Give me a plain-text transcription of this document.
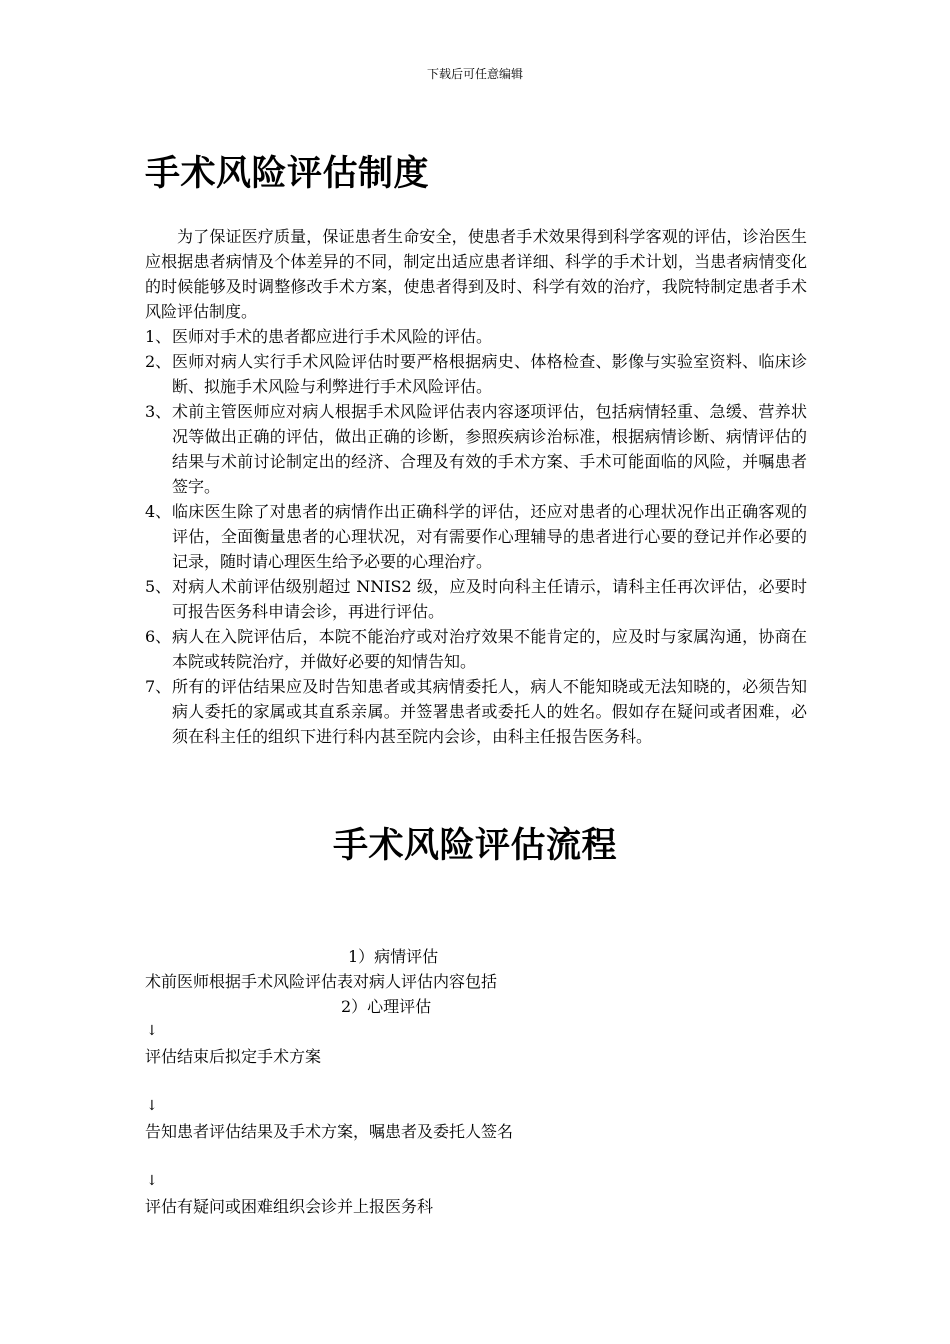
下载后可任意编辑
手术风险评估制度

为了保证医疗质量，保证患者生命安全，使患者手术效果得到科学客观的评估，诊治医生应根据患者病情及个体差异的不同，制定出适应患者详细、科学的手术计划，当患者病情变化的时候能够及时调整修改手术方案，使患者得到及时、科学有效的治疗，我院特制定患者手术风险评估制度。

1、 医师对手术的患者都应进行手术风险的评估。
2、 医师对病人实行手术风险评估时要严格根据病史、体格检查、影像与实验室资料、临床诊断、拟施手术风险与利弊进行手术风险评估。
3、 术前主管医师应对病人根据手术风险评估表内容逐项评估，包括病情轻重、急缓、营养状况等做出正确的评估，做出正确的诊断，参照疾病诊治标准，根据病情诊断、病情评估的结果与术前讨论制定出的经济、合理及有效的手术方案、手术可能面临的风险，并嘱患者签字。
4、 临床医生除了对患者的病情作出正确科学的评估，还应对患者的心理状况作出正确客观的评估，全面衡量患者的心理状况，对有需要作心理辅导的患者进行心要的登记并作必要的记录，随时请心理医生给予必要的心理治疗。
5、 对病人术前评估级别超过 NNIS2 级，应及时向科主任请示，请科主任再次评估，必要时可报告医务科申请会诊，再进行评估。
6、 病人在入院评估后，本院不能治疗或对治疗效果不能肯定的，应及时与家属沟通，协商在本院或转院治疗，并做好必要的知情告知。
7、 所有的评估结果应及时告知患者或其病情委托人，病人不能知晓或无法知晓的，必须告知病人委托的家属或其直系亲属。并签署患者或委托人的姓名。假如存在疑问或者困难，必须在科主任的组织下进行科内甚至院内会诊，由科主任报告医务科。
手术风险评估流程
1）病情评估
术前医师根据手术风险评估表对病人评估内容包括
2）心理评估
↓
评估结束后拟定手术方案
↓
告知患者评估结果及手术方案，嘱患者及委托人签名
↓
评估有疑问或困难组织会诊并上报医务科
